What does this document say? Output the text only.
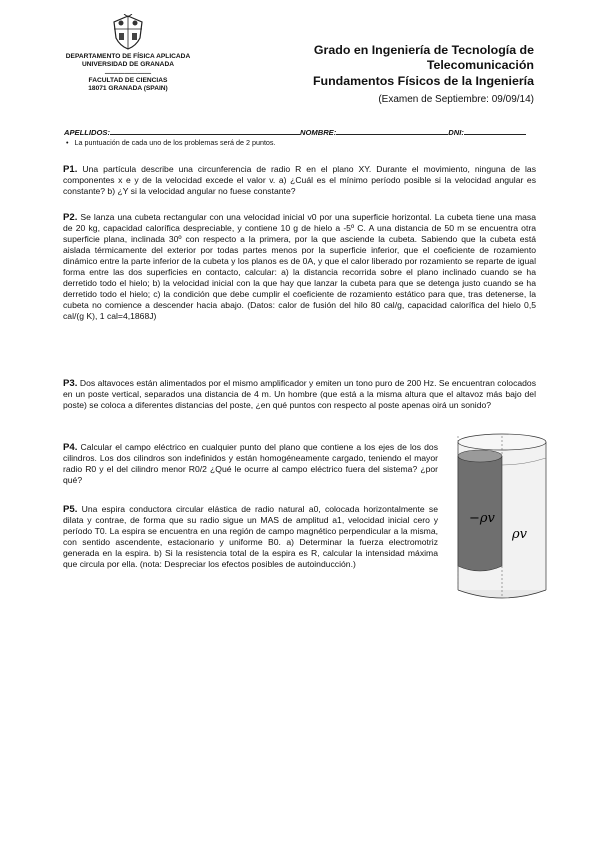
DEPARTAMENTO DE FÍSICA APLICADA
UNIVERSIDAD DE GRANADA
———————
FACULTAD DE CIENCIAS
18071 GRANADA (SPAIN)
Grado en Ingeniería de Tecnología de
Telecomunicación
Fundamentos Físicos de la Ingeniería
(Examen de Septiembre: 09/09/14)
APELLIDOS:	NOMBRE:	DNI:
• La puntuación de cada uno de los problemas será de 2 puntos.
P1. Una partícula describe una circunferencia de radio R en el plano XY. Durante el movimiento, ninguna de las componentes x e y de la velocidad excede el valor v. a) ¿Cuál es el mínimo período posible si la velocidad angular es constante? b) ¿Y si la velocidad angular no fuese constante?
P2. Se lanza una cubeta rectangular con una velocidad inicial v0 por una superficie horizontal. La cubeta tiene una masa de 20 kg, capacidad calorífica despreciable, y contiene 10 g de hielo a -5º C. A una distancia de 50 m se encuentra otra superficie plana, inclinada 30º con respecto a la primera, por la que asciende la cubeta. Sabiendo que la cubeta está aislada térmicamente del exterior por todas partes menos por la superficie inferior, que el coeficiente de rozamiento dinámico entre la parte inferior de la cubeta y los planos es de 0A, y que el calor liberado por rozamiento se reparte de igual forma entre las dos superficies en contacto, calcular: a) la distancia recorrida sobre el plano inclinado cuando se ha derretido todo el hielo; b) la velocidad inicial con la que hay que lanzar la cubeta para que se detenga justo cuando se ha derretido todo el hielo; c) la condición que debe cumplir el coeficiente de rozamiento estático para que, tras detenerse, la cubeta no comience a descender hacia abajo. (Datos: calor de fusión del hilo 80 cal/g, capacidad calorífica del hielo 0,5 cal/(g K), 1 cal=4,1868J)
P3. Dos altavoces están alimentados por el mismo amplificador y emiten un tono puro de 200 Hz. Se encuentran colocados en un poste vertical, separados una distancia de 4 m. Un hombre (que está a la misma altura que el altavoz más bajo del poste) se coloca a diferentes distancias del poste, ¿en qué puntos con respecto al poste apenas oirá un sonido?
P4. Calcular el campo eléctrico en cualquier punto del plano que contiene a los ejes de los dos cilindros. Los dos cilindros son indefinidos y están homogéneamente cargado, teniendo el mayor radio R0 y el del cilindro menor R0/2 ¿Qué le ocurre al campo eléctrico fuera del sistema? ¿por qué?
P5. Una espira conductora circular elástica de radio natural a0, colocada horizontalmente se dilata y contrae, de forma que su radio sigue un MAS de amplitud a1, velocidad inicial cero y período T0. La espira se encuentra en una región de campo magnético perpendicular a la misma, con sentido ascendente, estacionario y uniforme B0. a) Determinar la fuerza electromotriz generada en la espira. b) Si la resistencia total de la espira es R, calcular la intensidad máxima que circula por ella. (nota: Despreciar los efectos posibles de autoinducción.)
−ρv
ρv
